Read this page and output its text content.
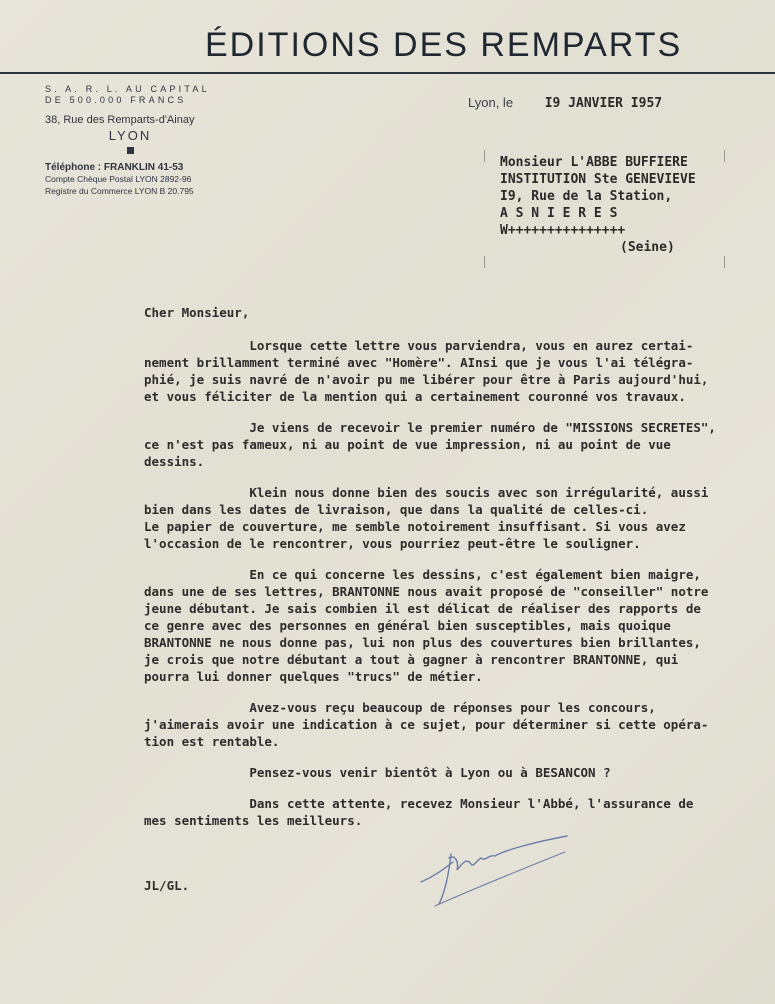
ÉDITIONS DES REMPARTS
S. A. R. L. AU CAPITAL
DE 500.000 FRANCS
38, Rue des Remparts-d'Ainay
LYON
Téléphone : FRANKLIN 41-53
Compte Chèque Postal LYON 2892-96
Registre du Commerce LYON B 20.795
Lyon, le I9 JANVIER I957
Monsieur L'ABBE BUFFIERE
INSTITUTION Ste GENEVIEVE
I9, Rue de la Station,
A S N I E R E S
W+++++++++++++++
(Seine)

Cher Monsieur,

Lorsque cette lettre vous parviendra, vous en aurez certai-

nement brillamment terminé avec "Homère". AInsi que je vous l'ai télégra-

phié, je suis navré de n'avoir pu me libérer pour être à Paris aujourd'hui,

et vous féliciter de la mention qui a certainement couronné vos travaux.

Je viens de recevoir le premier numéro de "MISSIONS SECRETES",

ce n'est pas fameux, ni au point de vue impression, ni au point de vue

dessins.

Klein nous donne bien des soucis avec son irrégularité, aussi

bien dans les dates de livraison, que dans la qualité de celles-ci.

Le papier de couverture, me semble notoirement insuffisant. Si vous avez

l'occasion de le rencontrer, vous pourriez peut-être le souligner.

En ce qui concerne les dessins, c'est également bien maigre,

dans une de ses lettres, BRANTONNE nous avait proposé de "conseiller" notre

jeune débutant. Je sais combien il est délicat de réaliser des rapports de

ce genre avec des personnes en général bien susceptibles, mais quoique

BRANTONNE ne nous donne pas, lui non plus des couvertures bien brillantes,

je crois que notre débutant a tout à gagner à rencontrer BRANTONNE, qui

pourra lui donner quelques "trucs" de métier.

Avez-vous reçu beaucoup de réponses pour les concours,

j'aimerais avoir une indication à ce sujet, pour déterminer si cette opéra-

tion est rentable.

Pensez-vous venir bientôt à Lyon ou à BESANCON ?

Dans cette attente, recevez Monsieur l'Abbé, l'assurance de

mes sentiments les meilleurs.

JL/GL.
